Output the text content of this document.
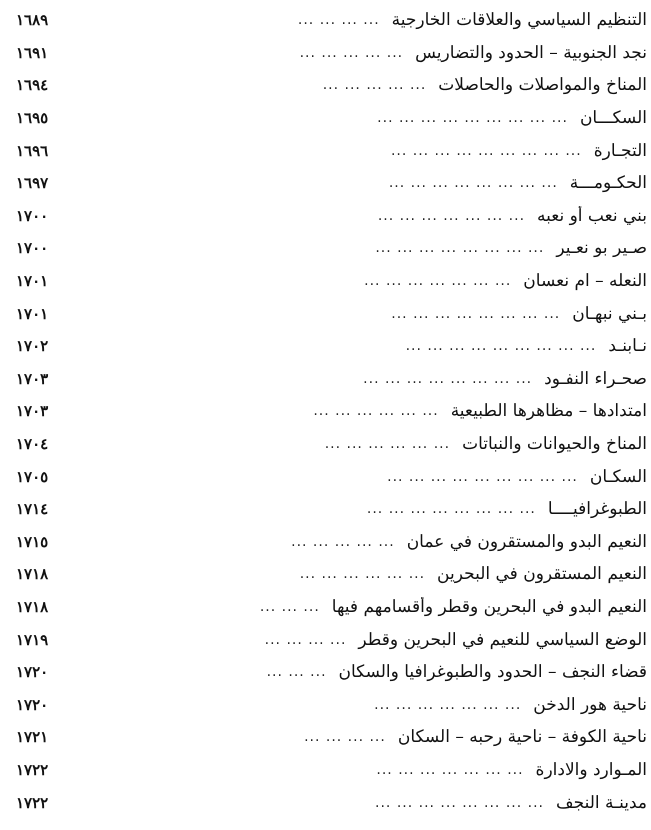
١٦٨٩	التنظيم السياسي والعلاقات الخارجية
... ... ... ...
١٦٩١	نجد الجنوبية – الحدود والتضاريس
... ... ... ... ...
١٦٩٤	المناخ والمواصلات والحاصلات
... ... ... ... ...
١٦٩٥	السكـــان
... ... ... ... ... ... ... ... ...
١٦٩٦	التجـارة
... ... ... ... ... ... ... ... ...
١٦٩٧	الحكـومـــة
... ... ... ... ... ... ... ...
١٧٠٠	بني نعب أو نعبه
... ... ... ... ... ... ...
١٧٠٠	صـير بو نعـير
... ... ... ... ... ... ... ...
١٧٠١	النعله – ام نعسان
... ... ... ... ... ... ...
١٧٠١	بـني نبهـان
... ... ... ... ... ... ... ...
١٧٠٢	نـابنـد
... ... ... ... ... ... ... ... ...
١٧٠٣	صحـراء النفـود
... ... ... ... ... ... ... ...
١٧٠٣	امتدادها – مظاهرها الطبيعية
... ... ... ... ... ...
١٧٠٤	المناخ والحيوانات والنباتات
... ... ... ... ... ...
١٧٠٥	السكـان
... ... ... ... ... ... ... ... ...
١٧١٤	الطبوغرافيــــا
... ... ... ... ... ... ... ...
١٧١٥	النعيم البدو والمستقرون في عمان
... ... ... ... ...
١٧١٨	النعيم المستقرون في البحرين
... ... ... ... ... ...
١٧١٨	النعيم البدو في البحرين وقطر وأقسامهم فيها
... ... ...
١٧١٩	الوضع السياسي للنعيم في البحرين وقطر
... ... ... ...
١٧٢٠	قضاء النجف – الحدود والطبوغرافيا والسكان
... ... ...
١٧٢٠	ناحية هور الدخن
... ... ... ... ... ... ...
١٧٢١	ناحية الكوفة – ناحية رحبه – السكان
... ... ... ...
١٧٢٢	المـوارد والادارة
... ... ... ... ... ... ...
١٧٢٢	مدينـة النجف
... ... ... ... ... ... ... ...
